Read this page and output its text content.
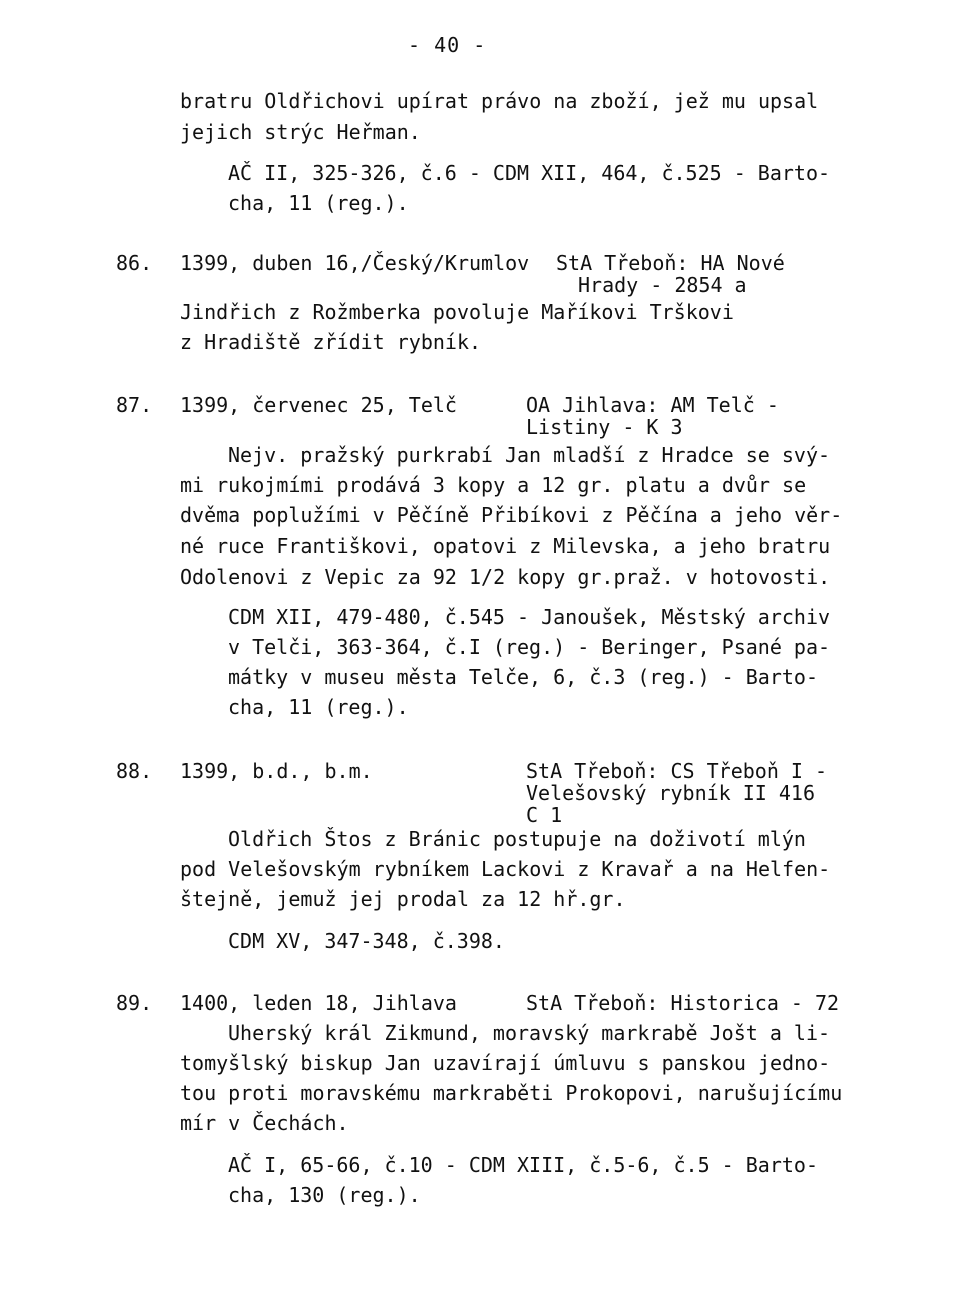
- 40 -
bratru Oldřichovi upírat právo na zboží, jež mu upsal
jejich strýc Heřman.
AČ II, 325-326, č.6 - CDM XII, 464, č.525 - Barto-
cha, 11 (reg.).
86. 1399, duben 16,/Český/Krumlov StA Třeboň: HA Nové
Hrady - 2854 a
Jindřich z Rožmberka povoluje Maříkovi Trškovi
z Hradiště zřídit rybník.
87. 1399, červenec 25, Telč	OA Jihlava: AM Telč -
Listiny - K 3
Nejv. pražský purkrabí Jan mladší z Hradce se svý-
mi rukojmími prodává 3 kopy a 12 gr. platu a dvůr se
dvěma poplužími v Pěčíně Přibíkovi z Pěčína a jeho věr-
né ruce Františkovi, opatovi z Milevska, a jeho bratru
Odolenovi z Vepic za 92 1/2 kopy gr.praž. v hotovosti.
CDM XII, 479-480, č.545 - Janoušek, Městský archiv
v Telči, 363-364, č.I (reg.) - Beringer, Psané pa-
mátky v museu města Telče, 6, č.3 (reg.) - Barto-
cha, 11 (reg.).
88. 1399, b.d., b.m.	StA Třeboň: CS Třeboň I -
Velešovský rybník II 416
C 1
Oldřich Štos z Bránic postupuje na doživotí mlýn
pod Velešovským rybníkem Lackovi z Kravař a na Helfen-
štejně, jemuž jej prodal za 12 hř.gr.
CDM XV, 347-348, č.398.
89. 1400, leden 18, Jihlava	StA Třeboň: Historica - 72
Uherský král Zikmund, moravský markrabě Jošt a li-
tomyšlský biskup Jan uzavírají úmluvu s panskou jedno-
tou proti moravskému markraběti Prokopovi, narušujícímu
mír v Čechách.
AČ I, 65-66, č.10 - CDM XIII, č.5-6, č.5 - Barto-
cha, 130 (reg.).
